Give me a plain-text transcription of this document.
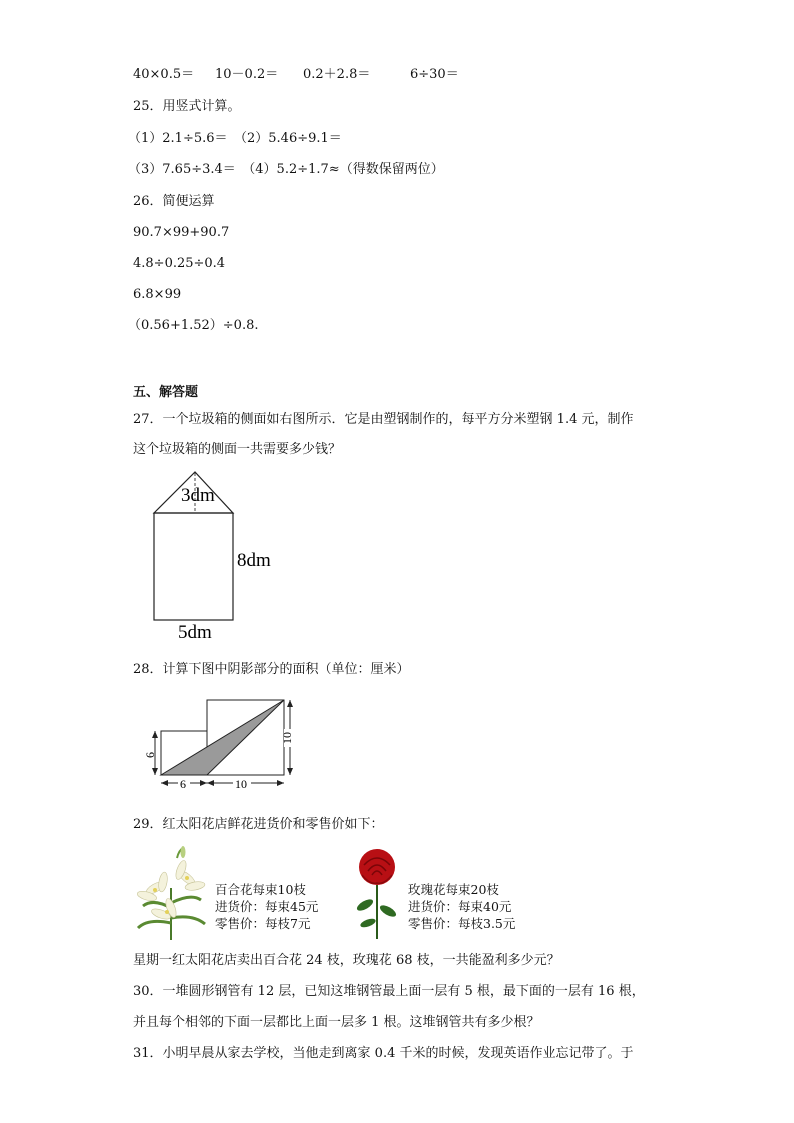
40×0.5＝ 10－0.2＝ 0.2＋2.8＝	6÷30＝
25．用竖式计算。
（1）2.1÷5.6＝　（2）5.46÷9.1＝
（3）7.65÷3.4＝　（4）5.2÷1.7≈（得数保留两位）
26．简便运算
90.7×99+90.7
4.8÷0.25÷0.4
6.8×99
（0.56+1.52）÷0.8.
五、解答题
27．一个垃圾箱的侧面如右图所示．它是由塑钢制作的，每平方分米塑钢 1.4 元，制作
这个垃圾箱的侧面一共需要多少钱？
3dm
8dm
5dm
28．计算下图中阴影部分的面积（单位：厘米）
6
6	10
10
29．红太阳花店鲜花进货价和零售价如下：
百合花每束10枝
进货价：每束45元
零售价：每枝7元
玫瑰花每束20枝
进货价：每束40元
零售价：每枝3.5元
星期一红太阳花店卖出百合花 24 枝，玫瑰花 68 枝，一共能盈利多少元？
30．一堆圆形钢管有 12 层，已知这堆钢管最上面一层有 5 根，最下面的一层有 16 根，
并且每个相邻的下面一层都比上面一层多 1 根。这堆钢管共有多少根？
31．小明早晨从家去学校，当他走到离家 0.4 千米的时候，发现英语作业忘记带了。于
